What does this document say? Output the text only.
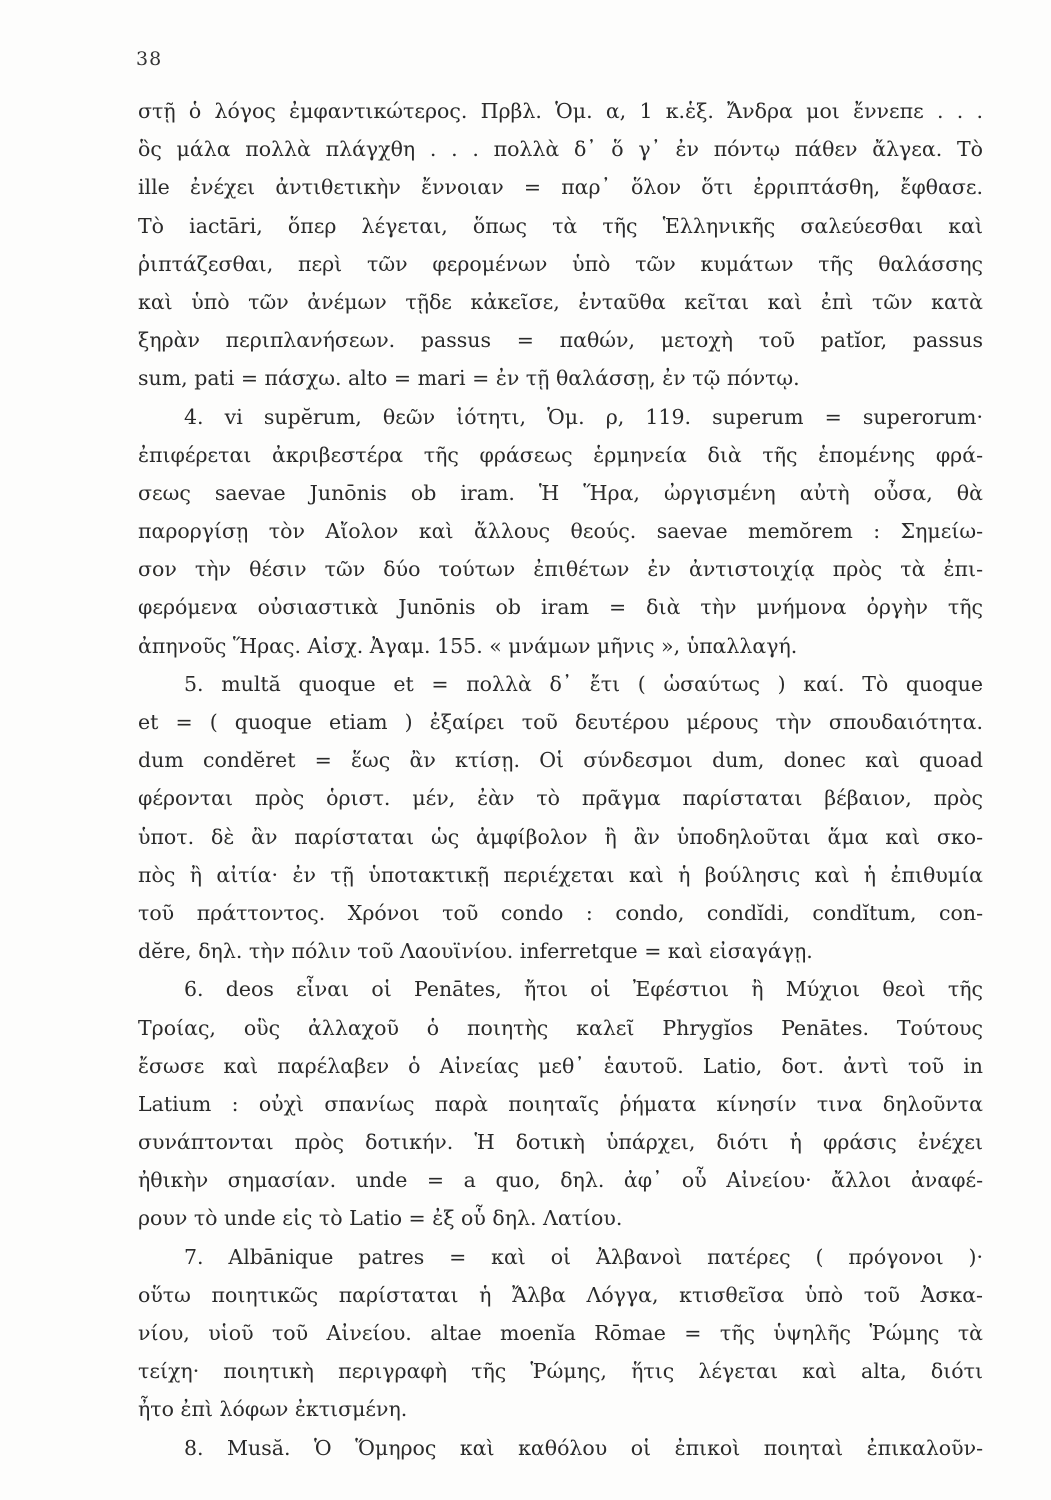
38
στῇ ὁ λόγος ἐμφαντικώτερος. Πρβλ. Ὁμ. α, 1 κ.ἑξ. Ἄνδρα μοι ἔννεπε . . .
ὃς μάλα πολλὰ πλάγχθη . . . πολλὰ δ᾿ ὅ γ᾿ ἐν πόντῳ πάθεν ἄλγεα. Τὸ
ille ἐνέχει ἀντιθετικὴν ἔννοιαν = παρ᾿ ὅλον ὅτι ἐρριπτάσθη, ἔφθασε.
Τὸ iactāri, ὅπερ λέγεται, ὅπως τὰ τῆς Ἑλληνικῆς σαλεύεσθαι καὶ
ῥιπτάζεσθαι, περὶ τῶν φερομένων ὑπὸ τῶν κυμάτων τῆς θαλάσσης
καὶ ὑπὸ τῶν ἀνέμων τῇδε κἀκεῖσε, ἐνταῦθα κεῖται καὶ ἐπὶ τῶν κατὰ
ξηρὰν περιπλανήσεων. passus = παθών, μετοχὴ τοῦ patĭor, passus
sum, pati = πάσχω. alto = mari = ἐν τῇ θαλάσσῃ, ἐν τῷ πόντῳ.
4. vi supĕrum, θεῶν ἰότητι, Ὁμ. ρ, 119. superum = superorum·
ἐπιφέρεται ἀκριβεστέρα τῆς φράσεως ἑρμηνεία διὰ τῆς ἑπομένης φρά-
σεως saevae Junōnis ob iram. Ἡ Ἥρα, ὠργισμένη αὐτὴ οὖσα, θὰ
παροργίσῃ τὸν Αἴολον καὶ ἄλλους θεούς. saevae memŏrem : Σημείω-
σον τὴν θέσιν τῶν δύο τούτων ἐπιθέτων ἐν ἀντιστοιχίᾳ πρὸς τὰ ἐπι-
φερόμενα οὐσιαστικὰ Junōnis ob iram = διὰ τὴν μνήμονα ὀργὴν τῆς
ἀπηνοῦς Ἥρας. Αἰσχ. Ἀγαμ. 155. « μνάμων μῆνις », ὑπαλλαγή.
5. multă quoque et = πολλὰ δ᾿ ἔτι ( ὡσαύτως ) καί. Τὸ quoque
et = ( quoque etiam ) ἐξαίρει τοῦ δευτέρου μέρους τὴν σπουδαιότητα.
dum condĕret = ἕως ἂν κτίσῃ. Οἱ σύνδεσμοι dum, donec καὶ quoad
φέρονται πρὸς ὁριστ. μέν, ἐὰν τὸ πρᾶγμα παρίσταται βέβαιον, πρὸς
ὑποτ. δὲ ἂν παρίσταται ὡς ἀμφίβολον ἢ ἂν ὑποδηλοῦται ἅμα καὶ σκο-
πὸς ἢ αἰτία· ἐν τῇ ὑποτακτικῇ περιέχεται καὶ ἡ βούλησις καὶ ἡ ἐπιθυμία
τοῦ πράττοντος. Χρόνοι τοῦ condo : condo, condĭdi, condĭtum, con-
dĕre, δηλ. τὴν πόλιν τοῦ Λαουϊνίου. inferretque = καὶ εἰσαγάγῃ.
6. deos εἶναι οἱ Penātes, ἤτοι οἱ Ἐφέστιοι ἢ Μύχιοι θεοὶ τῆς
Τροίας, οὓς ἀλλαχοῦ ὁ ποιητὴς καλεῖ Phrygĭos Penātes. Τούτους
ἔσωσε καὶ παρέλαβεν ὁ Αἰνείας μεθ᾿ ἑαυτοῦ. Latio, δοτ. ἀντὶ τοῦ in
Latium : οὐχὶ σπανίως παρὰ ποιηταῖς ῥήματα κίνησίν τινα δηλοῦντα
συνάπτονται πρὸς δοτικήν. Ἡ δοτικὴ ὑπάρχει, διότι ἡ φράσις ἐνέχει
ἠθικὴν σημασίαν. unde = a quo, δηλ. ἀφ᾿ οὗ Αἰνείου· ἄλλοι ἀναφέ-
ρουν τὸ unde εἰς τὸ Latio = ἐξ οὗ δηλ. Λατίου.
7. Albānique patres = καὶ οἱ Ἀλβανοὶ πατέρες ( πρόγονοι )·
οὕτω ποιητικῶς παρίσταται ἡ Ἄλβα Λόγγα, κτισθεῖσα ὑπὸ τοῦ Ἀσκα-
νίου, υἱοῦ τοῦ Αἰνείου. altae moenĭa Rōmae = τῆς ὑψηλῆς Ῥώμης τὰ
τείχη· ποιητικὴ περιγραφὴ τῆς Ῥώμης, ἥτις λέγεται καὶ alta, διότι
ἦτο ἐπὶ λόφων ἐκτισμένη.
8. Musă. Ὁ Ὅμηρος καὶ καθόλου οἱ ἐπικοὶ ποιηταὶ ἐπικαλοῦν-
